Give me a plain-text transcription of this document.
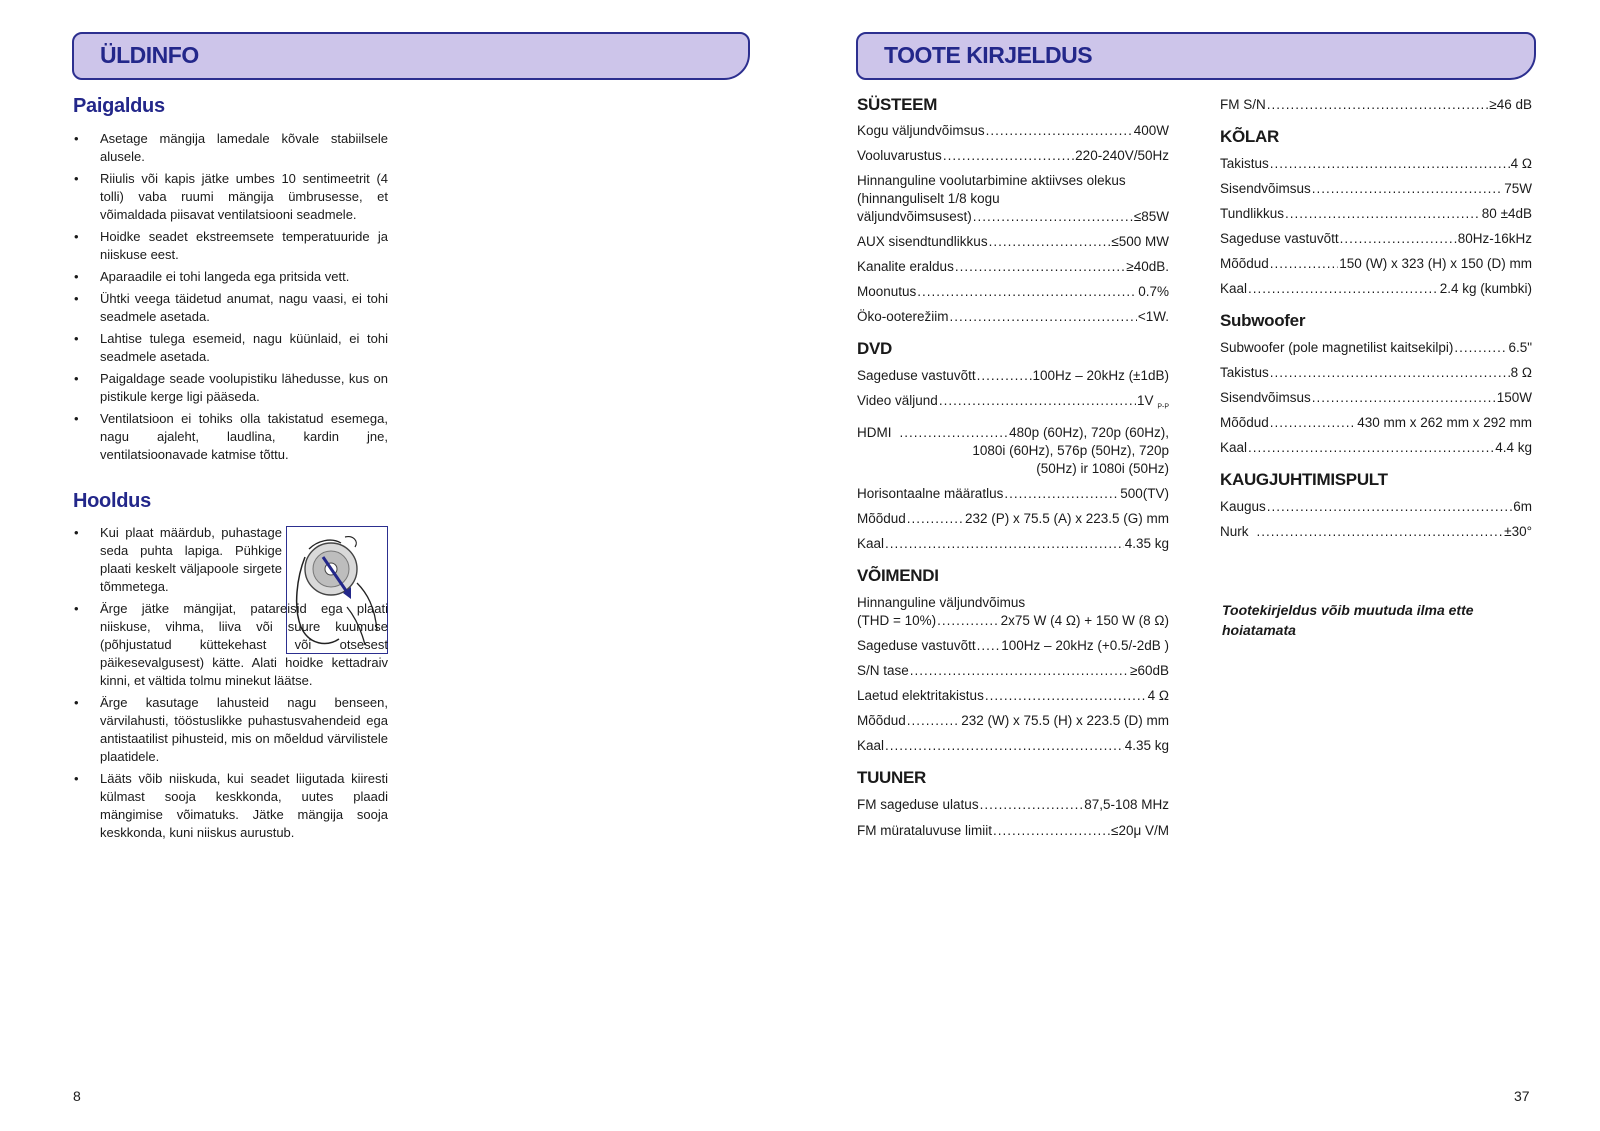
ÜLDINFO
Paigaldus
• Asetage mängija lamedale kõvale stabiilsele alusele.
• Riiulis või kapis jätke umbes 10 sentimeetrit (4 tolli) vaba ruumi mängija ümbrusesse, et võimaldada piisavat ventilatsiooni seadmele.
• Hoidke seadet ekstreemsete temperatuuride ja niiskuse eest.
• Aparaadile ei tohi langeda ega pritsida vett.
• Ühtki veega täidetud anumat, nagu vaasi, ei tohi seadmele asetada.
• Lahtise tulega esemeid, nagu küünlaid, ei tohi seadmele asetada.
• Paigaldage seade voolupistiku lähedusse, kus on pistikule kerge ligi pääseda.
• Ventilatsioon ei tohiks olla takistatud esemega, nagu ajaleht, laudlina, kardin jne, ventilatsioonavade katmise tõttu.
Hooldus
• Kui plaat määrdub, puhastage seda puhta lapiga. Pühkige plaati keskelt väljapoole sirgete tõmmetega.
• Ärge jätke mängijat, patareisid ega plaati niiskuse, vihma, liiva või suure kuumuse (põhjustatud küttekehast või otsesest päikesevalgusest) kätte. Alati hoidke kettadraiv kinni, et vältida tolmu minekut läätse.
• Ärge kasutage lahusteid nagu benseen, värvilahusti, tööstuslikke puhastusvahendeid ega antistaatilist pihusteid, mis on mõeldud värvilistele plaatidele.
• Lääts võib niiskuda, kui seadet liigutada kiiresti külmast sooja keskkonda, uutes plaadi mängimise võimatuks. Jätke mängija sooja keskkonda, kuni niiskus aurustub.
8
TOOTE KIRJELDUS
SÜSTEEM
Kogu väljundvõimsus .....	400W
Vooluvarustus .....	220-240V/50Hz
Hinnanguline voolutarbimine aktiivses olekus
(hinnanguliselt 1/8 kogu
väljundvõimsusest) .....	≤85W
AUX sisendtundlikkus .....	≤500 MW
Kanalite eraldus .....	≥40dB.
Moonutus .....	0.7%
Öko-ooterežiim .....	<1W.
DVD
Sageduse vastuvõtt .....	100Hz – 20kHz (±1dB)
Video väljund .....	1V $_{P-P}$
HDMI .....	480p (60Hz), 720p (60Hz),
1080i (60Hz), 576p (50Hz), 720p
(50Hz) ir 1080i (50Hz)
Horisontaalne määratlus .....	500(TV)
Mõõdud .....	232 (P) x 75.5 (A) x 223.5 (G) mm
Kaal .....	4.35 kg
VÕIMENDI
Hinnanguline väljundvõimus
(THD = 10%) .....	2x75 W (4 Ω) + 150 W (8 Ω)
Sageduse vastuvõtt ..... 100Hz – 20kHz (+0.5/-2dB )
S/N tase .....	≥60dB
Laetud elektritakistus .....	4 Ω
Mõõdud .....	232 (W) x 75.5 (H) x 223.5 (D) mm
Kaal .....	4.35 kg
TUUNER
FM sageduse ulatus .....	87,5-108 MHz
FM mürataluvuse limiit .....	≤20μ V/M
FM S/N .....	≥46 dB
KÕLAR
Takistus .....	4 Ω
Sisendvõimsus .....	75W
Tundlikkus .....	80 ±4dB
Sageduse vastuvõtt .....	80Hz-16kHz
Mõõdud .....	150 (W) x 323 (H) x 150 (D) mm
Kaal .....	2.4 kg (kumbki)
Subwoofer
Subwoofer (pole magnetilist kaitsekilpi) .....	6.5"
Takistus .....	8 Ω
Sisendvõimsus .....	150W
Mõõdud .....	430 mm x 262 mm x 292 mm
Kaal .....	4.4 kg
KAUGJUHTIMISPULT
Kaugus .....	6m
Nurk .....	±30°
Tootekirjeldus võib muutuda ilma ette hoiatamata
37
